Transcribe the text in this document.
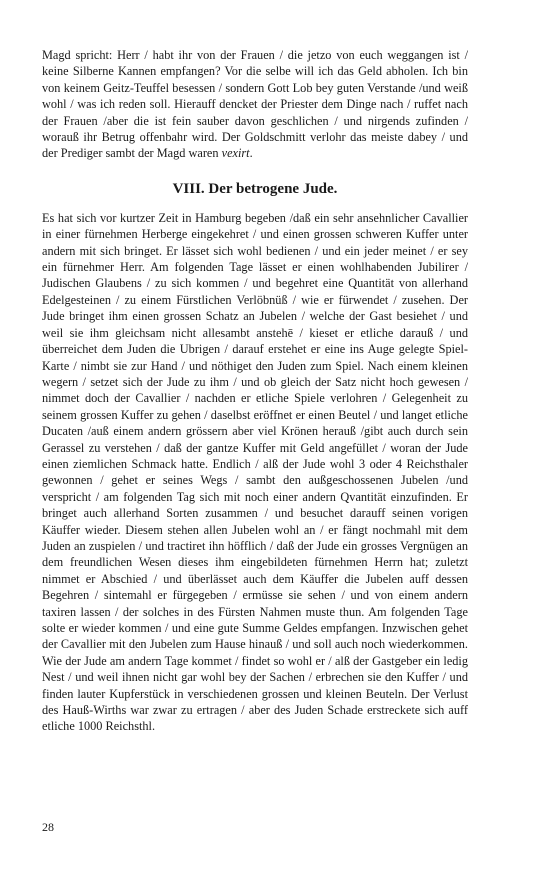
Magd spricht: Herr / habt ihr von der Frauen / die jetzo von euch weggangen ist / keine Silberne Kannen empfangen? Vor die selbe will ich das Geld abholen. Ich bin von keinem Geitz-Teuffel besessen / sondern Gott Lob bey guten Verstande /und weiß wohl / was ich reden soll. Hierauff dencket der Priester dem Dinge nach / ruffet nach der Frauen /aber die ist fein sauber davon geschlichen / und nirgends zufinden / worauß ihr Betrug offenbahr wird. Der Goldschmitt verlohr das meiste dabey / und der Prediger sambt der Magd waren vexirt.

VIII. Der betrogene Jude.

Es hat sich vor kurtzer Zeit in Hamburg begeben /daß ein sehr ansehnlicher Cavallier in einer fürnehmen Herberge eingekehret / und einen grossen schweren Kuffer unter andern mit sich bringet. Er lässet sich wohl bedienen / und ein jeder meinet / er sey ein fürnehmer Herr. Am folgenden Tage lässet er einen wohlhabenden Jubilirer / Judischen Glaubens / zu sich kommen / und begehret eine Quantität von allerhand Edelgesteinen / zu einem Fürstlichen Verlöbnüß / wie er fürwendet / zusehen. Der Jude bringet ihm einen grossen Schatz an Jubelen / welche der Gast besiehet / und weil sie ihm gleichsam nicht allesambt anstehē / kieset er etliche darauß / und überreichet dem Juden die Ubrigen / darauf erstehet er eine ins Auge gelegte Spiel-Karte / nimbt sie zur Hand / und nöthiget den Juden zum Spiel. Nach einem kleinen wegern / setzet sich der Jude zu ihm / und ob gleich der Satz nicht hoch gewesen / nimmet doch der Cavallier / nachden er etliche Spiele verlohren / Gelegenheit zu seinem grossen Kuffer zu gehen / daselbst eröffnet er einen Beutel / und langet etliche Ducaten /auß einem andern grössern aber viel Krönen herauß /gibt auch durch sein Gerassel zu verstehen / daß der gantze Kuffer mit Geld angefüllet / woran der Jude einen ziemlichen Schmack hatte. Endlich / alß der Jude wohl 3 oder 4 Reichsthaler gewonnen / gehet er seines Wegs / sambt den außgeschossenen Jubelen /und verspricht / am folgenden Tag sich mit noch einer andern Qvantität einzufinden. Er bringet auch allerhand Sorten zusammen / und besuchet darauff seinen vorigen Käuffer wieder. Diesem stehen allen Jubelen wohl an / er fängt nochmahl mit dem Juden an zuspielen / und tractiret ihn höfflich / daß der Jude ein grosses Vergnügen an dem freundlichen Wesen dieses ihm eingebildeten fürnehmen Herrn hat; zuletzt nimmet er Abschied / und überlässet auch dem Käuffer die Jubelen auff dessen Begehren / sintemahl er fürgegeben / ermüsse sie sehen / und von einem andern taxiren lassen / der solches in des Fürsten Nahmen muste thun. Am folgenden Tage solte er wieder kommen / und eine gute Summe Geldes empfangen. Inzwischen gehet der Cavallier mit den Jubelen zum Hause hinauß / und soll auch noch wiederkommen. Wie der Jude am andern Tage kommet / findet so wohl er / alß der Gastgeber ein ledig Nest / und weil ihnen nicht gar wohl bey der Sachen / erbrechen sie den Kuffer / und finden lauter Kupferstück in verschiedenen grossen und kleinen Beuteln. Der Verlust des Hauß-Wirths war zwar zu ertragen / aber des Juden Schade erstreckete sich auff etliche 1000 Reichsthl.

28
